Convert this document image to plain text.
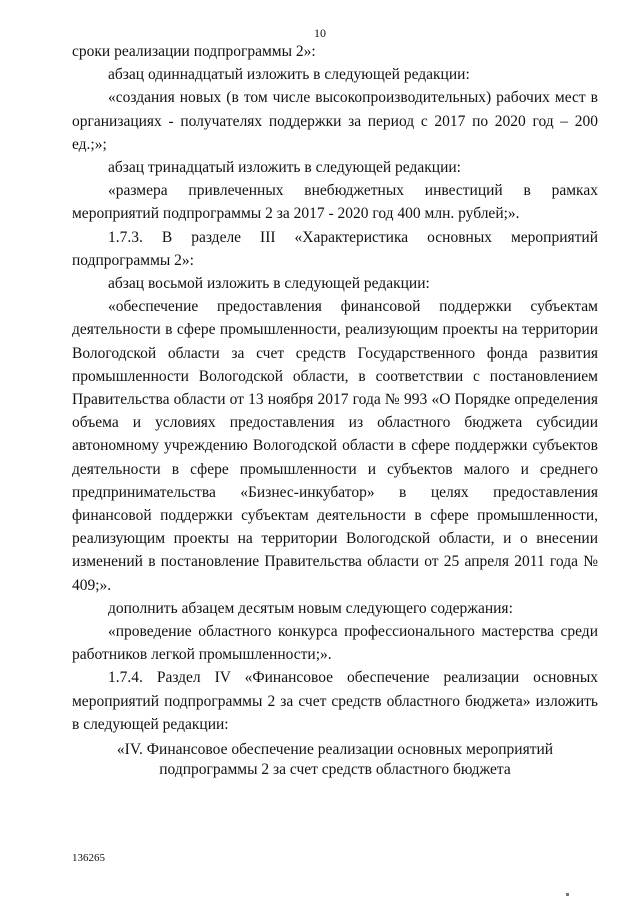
10

сроки реализации подпрограммы 2»:

абзац одиннадцатый изложить в следующей редакции:

«создания новых (в том числе высокопроизводительных) рабочих мест в организациях - получателях поддержки за период с 2017 по 2020 год – 200 ед.;»;

абзац тринадцатый изложить в следующей редакции:

«размера привлеченных внебюджетных инвестиций в рамках мероприятий подпрограммы 2 за 2017 - 2020 год 400 млн. рублей;».

1.7.3. В разделе III «Характеристика основных мероприятий подпрограммы 2»:

абзац восьмой изложить в следующей редакции:

«обеспечение предоставления финансовой поддержки субъектам деятельности в сфере промышленности, реализующим проекты на территории Вологодской области за счет средств Государственного фонда развития промышленности Вологодской области, в соответствии с постановлением Правительства области от 13 ноября 2017 года № 993 «О Порядке определения объема и условиях предоставления из областного бюджета субсидии автономному учреждению Вологодской области в сфере поддержки субъектов деятельности в сфере промышленности и субъектов малого и среднего предпринимательства «Бизнес-инкубатор» в целях предоставления финансовой поддержки субъектам деятельности в сфере промышленности, реализующим проекты на территории Вологодской области, и о внесении изменений в постановление Правительства области от 25 апреля 2011 года № 409;».

дополнить абзацем десятым новым следующего содержания:

«проведение областного конкурса профессионального мастерства среди работников легкой промышленности;».

1.7.4. Раздел IV «Финансовое обеспечение реализации основных мероприятий подпрограммы 2 за счет средств областного бюджета» изложить в следующей редакции:

«IV. Финансовое обеспечение реализации основных мероприятий подпрограммы 2 за счет средств областного бюджета

136265
